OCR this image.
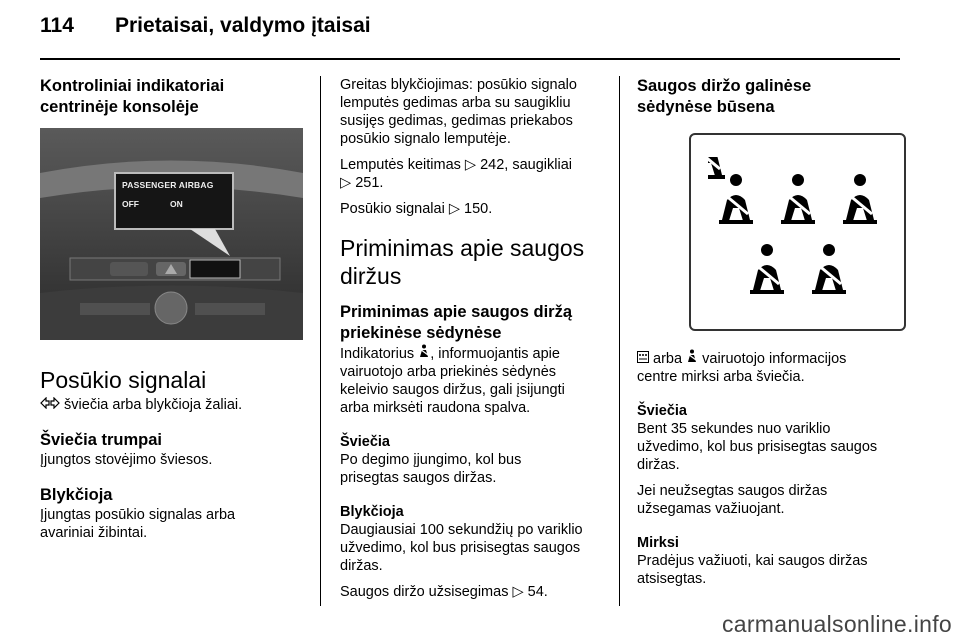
114	Prietaisai, valdymo įtaisai
Kontroliniai indikatoriai
centrinėje konsolėje
PASSENGER AIRBAG
OFF	ON
Posūkio signalai

šviečia arba blykčioja žaliai.

Šviečia trumpai

Įjungtos stovėjimo šviesos.

Blykčioja

Įjungtas posūkio signalas arba
avariniai žibintai.

Greitas blykčiojimas: posūkio signalo
lemputės gedimas arba su saugikliu
susijęs gedimas, gedimas priekabos
posūkio signalo lemputėje.

Lemputės keitimas ▷ 242, saugikliai
▷ 251.

Posūkio signalai ▷ 150.

Priminimas apie saugos
diržus
Priminimas apie saugos diržą
priekinėse sėdynėse

Indikatorius , informuojantis apie
vairuotojo arba priekinės sėdynės
keleivio saugos diržus, gali įsijungti
arba mirksėti raudona spalva.

Šviečia

Po degimo įjungimo, kol bus
prisegtas saugos diržas.

Blykčioja

Daugiausiai 100 sekundžių po variklio
užvedimo, kol bus prisisegtas saugos
diržas.

Saugos diržo užsisegimas ▷ 54.

Saugos diržo galinėse
sėdynėse būsena

arba vairuotojo informacijos
centre mirksi arba šviečia.

Šviečia

Bent 35 sekundes nuo variklio
užvedimo, kol bus prisisegtas saugos
diržas.

Jei neužsegtas saugos diržas
užsegamas važiuojant.

Mirksi

Pradėjus važiuoti, kai saugos diržas
atsisegtas.

carmanualsonline.info
